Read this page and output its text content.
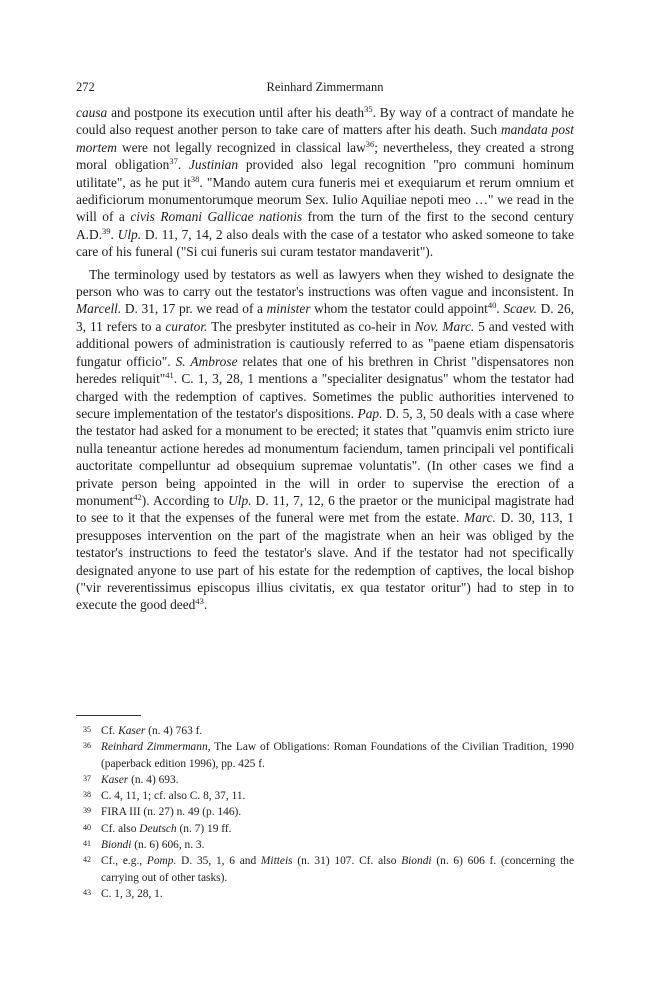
272	Reinhard Zimmermann

causa and postpone its execution until after his death$^{35}$. By way of a contract of mandate he could also request another person to take care of matters after his death. Such mandata post mortem were not legally recognized in classical law$^{36}$; nevertheless, they created a strong moral obligation$^{37}$. Justinian provided also legal recognition "pro communi hominum utilitate", as he put $it^{38}$. "Mando autem cura funeris mei et exequiarum et rerum omnium et aedificiorum monumentorumque meorum Sex. Iulio Aquiliae nepoti meo …" we read in the will of a civis Romani Gallicae nationis from the turn of the first to the second century A.D.$^{39}$. Ulp. D. 11, 7, 14, 2 also deals with the case of a testator who asked someone to take care of his funeral ("Si cui funeris sui curam testator mandaverit").

The terminology used by testators as well as lawyers when they wished to designate the person who was to carry out the testator's instructions was often vague and inconsistent. In Marcell. D. 31, 17 pr. we read of a minister whom the testator could appoint$^{40}$. Scaev. D. 26, 3, 11 refers to a curator. The presbyter instituted as co-heir in Nov. Marc. 5 and vested with additional powers of administration is cautiously referred to as "paene etiam dispensatoris fungatur officio". S. Ambrose relates that one of his brethren in Christ "dispensatores non heredes reliquit"$^{41}$. C. 1, 3, 28, 1 mentions a "specialiter designatus" whom the testator had charged with the redemption of captives. Sometimes the public authorities intervened to secure implementation of the testator's dispositions. Pap. D. 5, 3, 50 deals with a case where the testator had asked for a monument to be erected; it states that "quamvis enim stricto iure nulla teneantur actione heredes ad monumentum faciendum, tamen principali vel pontificali auctoritate compelluntur ad obsequium supremae voluntatis". (In other cases we find a private person being appointed in the will in order to supervise the erection of a monument$^{42}$). According to Ulp. D. 11, 7, 12, 6 the praetor or the municipal magistrate had to see to it that the expenses of the funeral were met from the estate. Marc. D. 30, 113, 1 presupposes intervention on the part of the magistrate when an heir was obliged by the testator's instructions to feed the testator's slave. And if the testator had not specifically designated anyone to use part of his estate for the redemption of captives, the local bishop ("vir reverentissimus episcopus illius civitatis, ex qua testator oritur") had to step in to execute the good deed$^{43}$.

35 Cf. Kaser (n. 4) 763 f.
36 Reinhard Zimmermann, The Law of Obligations: Roman Foundations of the Civilian Tradition, 1990 (paperback edition 1996), pp. 425 f.
37 Kaser (n. 4) 693.
38 C. 4, 11, 1; cf. also C. 8, 37, 11.
39 FIRA III (n. 27) n. 49 (p. 146).
40 Cf. also Deutsch (n. 7) 19 ff.
41 Biondi (n. 6) 606, n. 3.
42 Cf., e.g., Pomp. D. 35, 1, 6 and Mitteis (n. 31) 107. Cf. also Biondi (n. 6) 606 f. (concerning the carrying out of other tasks).
43 C. 1, 3, 28, 1.
